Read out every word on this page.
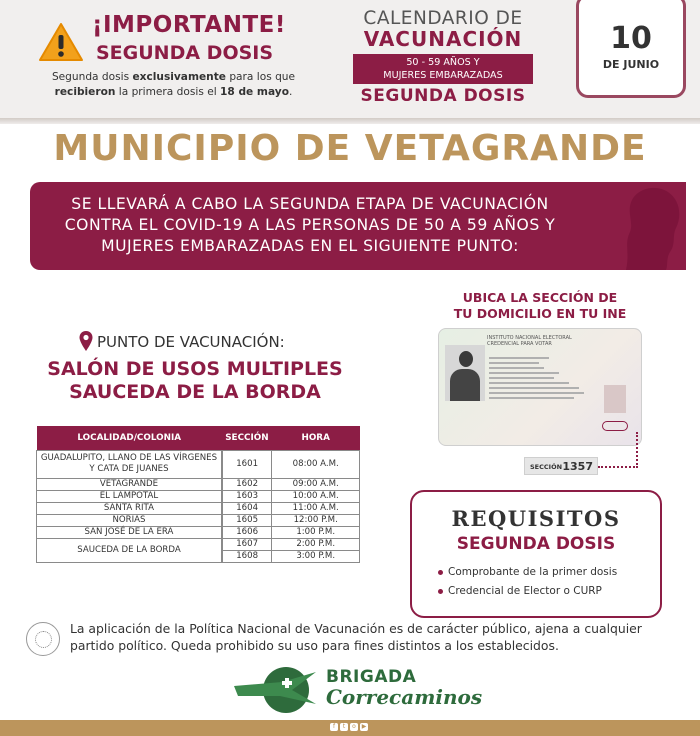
¡IMPORTANTE!
SEGUNDA DOSIS
Segunda dosis exclusivamente para los que recibieron la primera dosis el 18 de mayo.
CALENDARIO DE
VACUNACIÓN
50 - 59 AÑOS Y
MUJERES EMBARAZADAS
SEGUNDA DOSIS
10
DE JUNIO
MUNICIPIO DE VETAGRANDE
SE LLEVARÁ A CABO LA SEGUNDA ETAPA DE VACUNACIÓN
CONTRA EL COVID-19 A LAS PERSONAS DE 50 A 59 AÑOS Y
MUJERES EMBARAZADAS EN EL SIGUIENTE PUNTO:
PUNTO DE VACUNACIÓN:
SALÓN DE USOS MULTIPLES
SAUCEDA DE LA BORDA
LOCALIDAD/COLONIA	SECCIÓN	HORA
GUADALUPITO, LLANO DE LAS VÍRGENES Y CATA DE JUANES	1601	08:00 A.M.
VETAGRANDE	1602	09:00 A.M.
EL LAMPOTAL	1603	10:00 A.M.
SANTA RITA	1604	11:00 A.M.
NORIAS	1605	12:00 P.M.
SAN JOSÉ DE LA ERA	1606	1:00 P.M.
SAUCEDA DE LA BORDA	1607	2:00 P.M.
	1608	3:00 P.M.
UBICA LA SECCIÓN DE
TU DOMICILIO EN TU INE
INSTITUTO NACIONAL ELECTORAL
CREDENCIAL PARA VOTAR
SECCIÓN 1357
REQUISITOS
SEGUNDA DOSIS
Comprobante de la primer dosis
Credencial de Elector o CURP
La aplicación de la Política Nacional de Vacunación es de carácter público, ajena a cualquier partido político. Queda prohibido su uso para fines distintos a los establecidos.
BRIGADA
Correcaminos
f	t	o ▶
